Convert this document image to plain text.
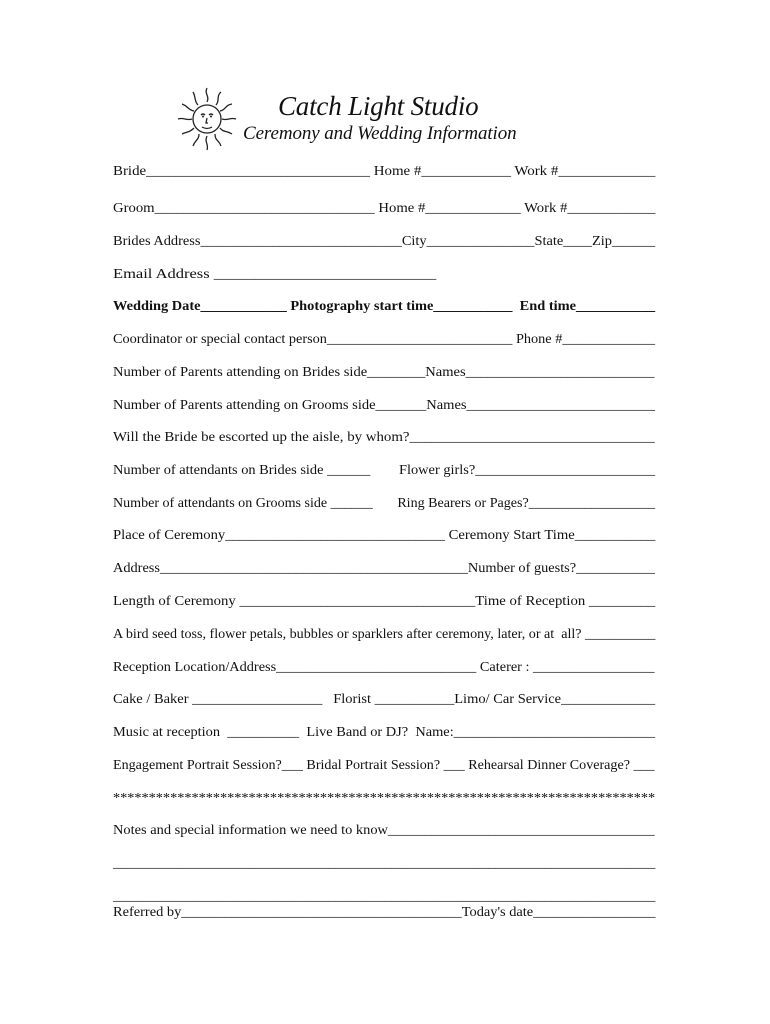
Catch Light Studio
Ceremony and Wedding Information
Bride______________________________ Home #____________ Work #_____________
Groom______________________________ Home #_____________ Work #____________
Brides Address____________________________City_______________State____Zip______
Email Address ___________________________
Wedding Date____________ Photography start time___________  End time___________
Coordinator or special contact person__________________________ Phone #_____________
Number of Parents attending on Brides side________Names__________________________
Number of Parents attending on Grooms side_______Names__________________________
Will the Bride be escorted up the aisle, by whom?_________________________________
Number of attendants on Brides side ______        Flower girls?_________________________
Number of attendants on Grooms side ______       Ring Bearers or Pages?__________________
Place of Ceremony______________________________ Ceremony Start Time___________
Address___________________________________________Number of guests?___________
Length of Ceremony ________________________________Time of Reception _________
A bird seed toss, flower petals, bubbles or sparklers after ceremony, later, or at  all? __________
Reception Location/Address____________________________ Caterer : _________________
Cake / Baker __________________   Florist ___________Limo/ Car Service_____________
Music at reception  __________  Live Band or DJ?  Name:____________________________
Engagement Portrait Session?___ Bridal Portrait Session? ___ Rehearsal Dinner Coverage? ___
****************************************************************************
Notes and special information we need to know_____________________________________
______________________________________________________________________________
______________________________________________________________________________
Referred by_______________________________________Today's date_________________
